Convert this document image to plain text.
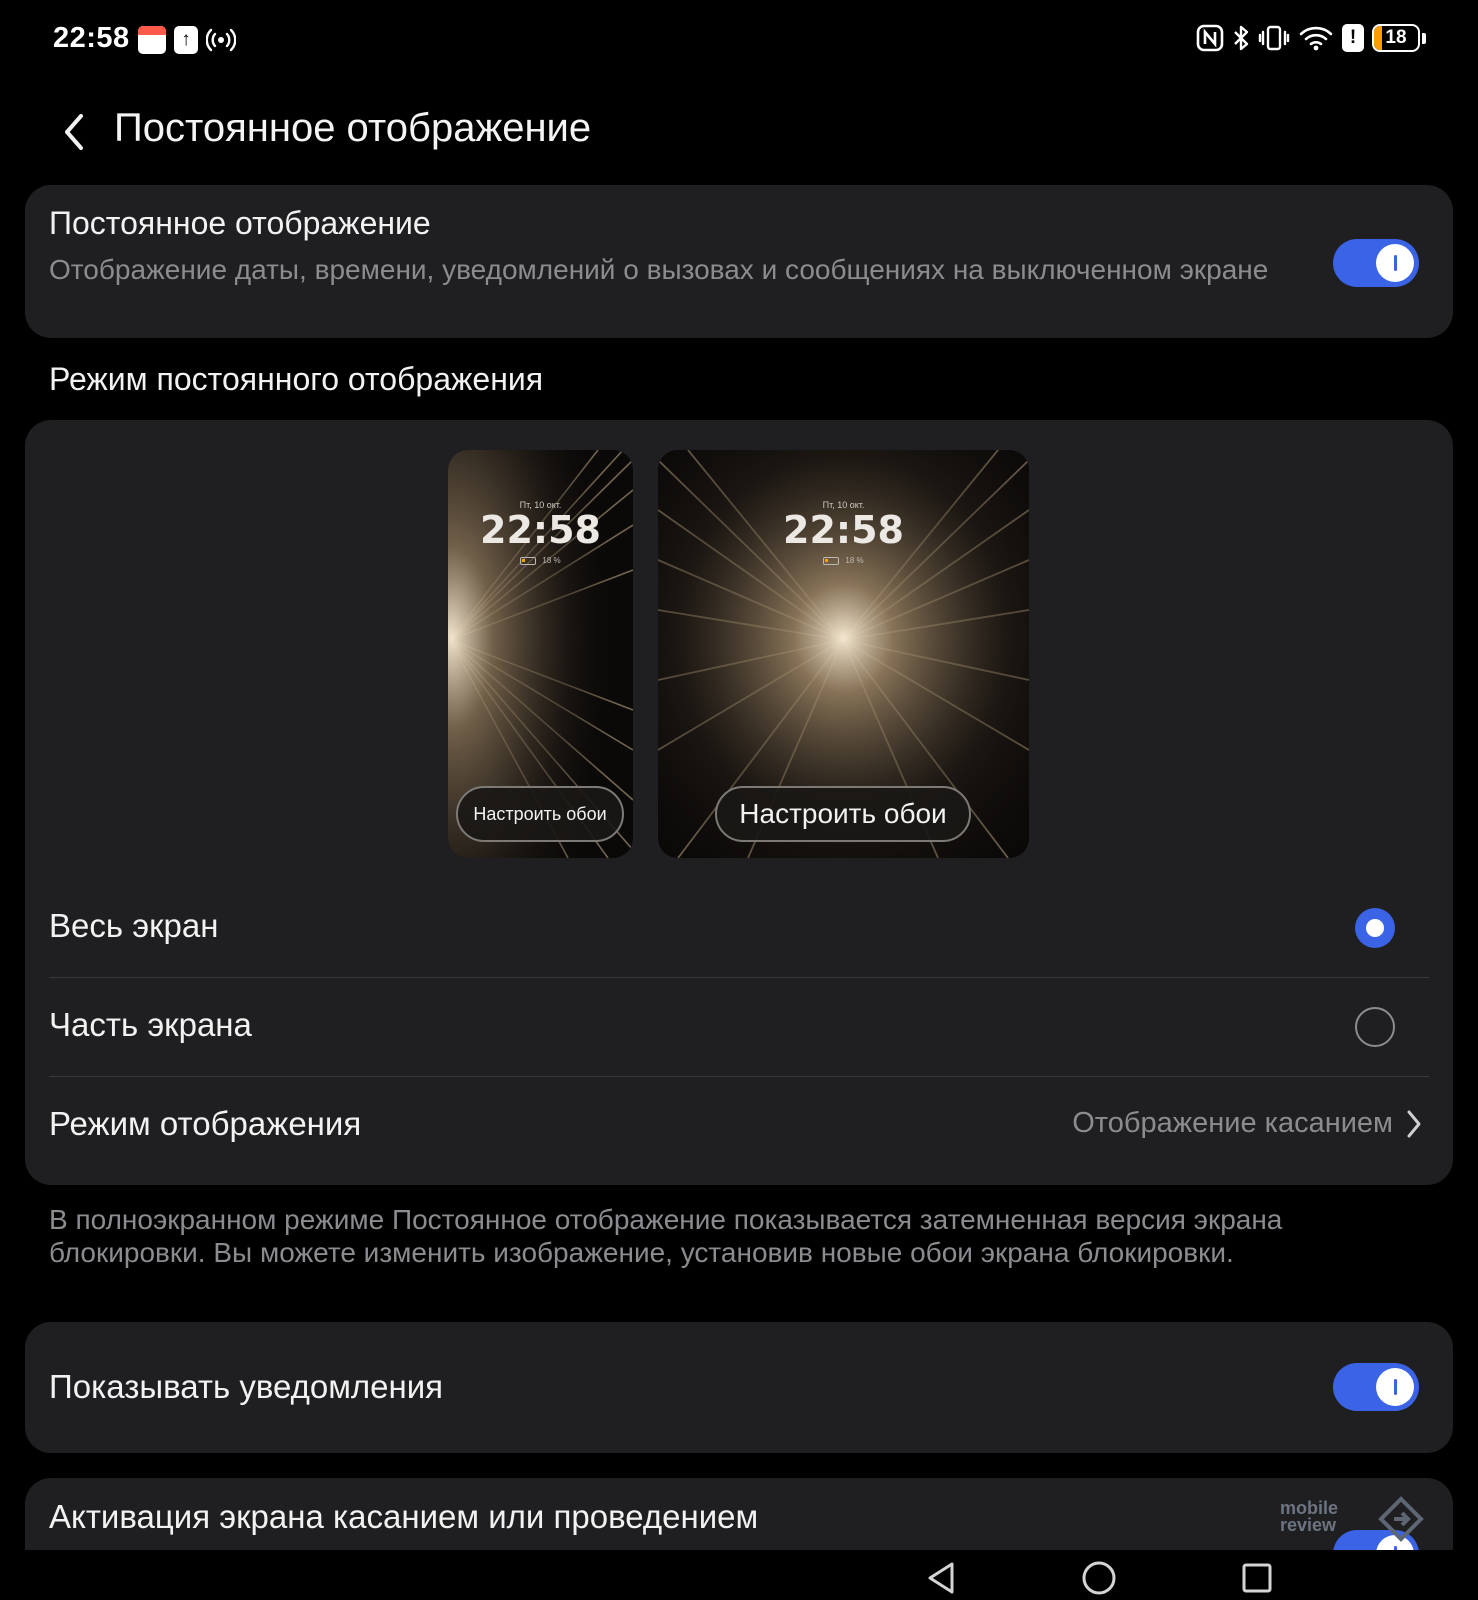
22:58	↑	!	18
Постоянное отображение
Постоянное отображение
Отображение даты, времени, уведомлений о вызовах и сообщениях на выключенном экране
Режим постоянного отображения
Пт, 10 окт.
22:58
18 %
Настроить обои
Пт, 10 окт.
22:58
18 %
Настроить обои
Весь экран
Часть экрана
Режим отображения	Отображение касанием
В полноэкранном режиме Постоянное отображение показывается затемненная версия экрана блокировки. Вы можете изменить изображение, установив новые обои экрана блокировки.
Показывать уведомления
Активация экрана касанием или проведением	mobile
review
